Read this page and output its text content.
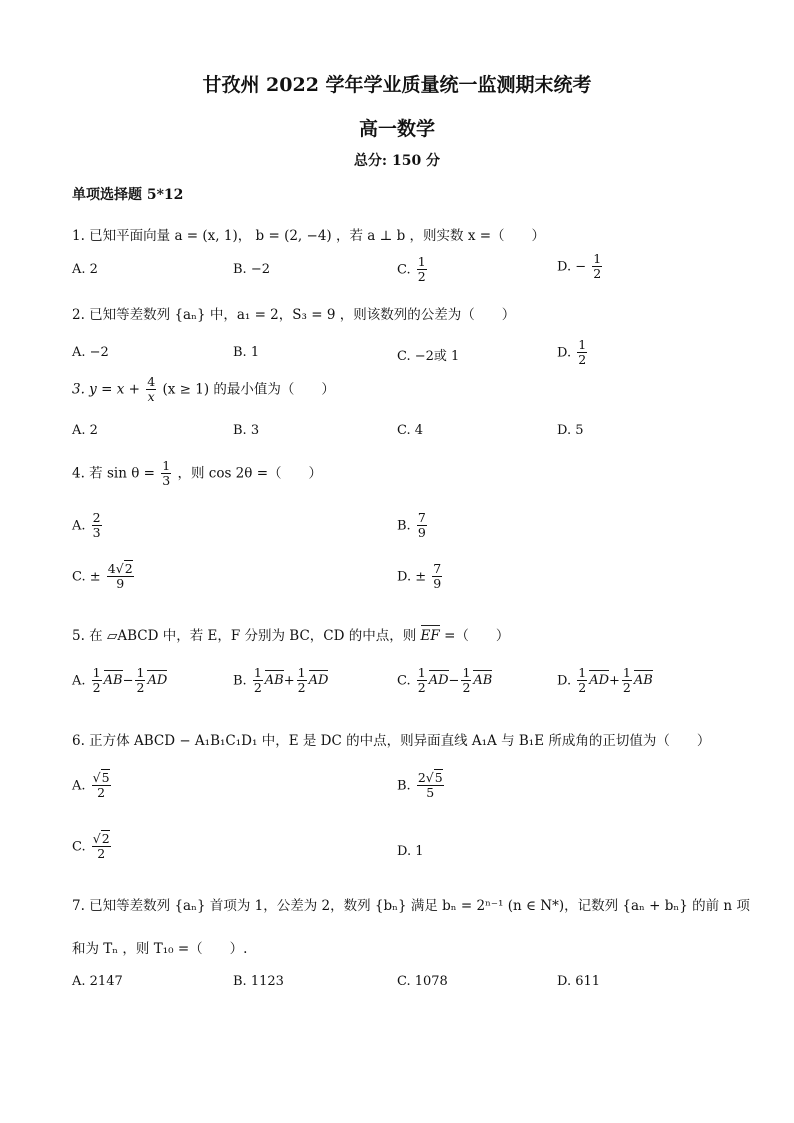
甘孜州 2022 学年学业质量统一监测期末统考
高一数学
总分: 150 分
单项选择题 5*12
1. 已知平面向量 a = (x, 1)， b = (2, −4) ，若 a ⊥ b ，则实数 x =（　　）
A. 2	B. −2	C. $\frac{1}{2}$	D. − $\frac{1}{2}$
2. 已知等差数列 {aₙ} 中，a₁ = 2，S₃ = 9 ，则该数列的公差为（　　）
A. −2	B. 1	C. −2或 1	D. $\frac{1}{2}$
3. $y = x + \frac{4}{x} (x \ge 1)$ 的最小值为（　　）
A. 2	B. 3	C. 4	D. 5
4. 若 $\sin \theta = \frac{1}{3}$ ，则 cos 2θ =（　　）
A. $\frac{2}{3}$	B. $\frac{7}{9}$
C. ± $\frac{4√2}{9}$	D. ± $\frac{7}{9}$
5. 在 ▱ABCD 中，若 E，F 分别为 BC，CD 的中点，则 EF =（　　）
A. $\frac{1}{2} AB- \frac{1}{2}$ AD	B. $\frac{1}{2} AB+ \frac{1}{2}$ AD	C. $\frac{1}{2} AD- \frac{1}{2}$ AB	D. $\frac{1}{2} AD+ \frac{1}{2}$ AB
6. 正方体 ABCD − A₁B₁C₁D₁ 中，E 是 DC 的中点，则异面直线 A₁A 与 B₁E 所成角的正切值为（　　）
A. $\frac{√5}{2}$	B. $\frac{2√5}{5}$
C. $\frac{√2}{2}$	D. 1
7. 已知等差数列 {aₙ} 首项为 1，公差为 2，数列 {bₙ} 满足 bₙ = 2ⁿ⁻¹ (n ∈ N*)，记数列 {aₙ + bₙ} 的前 n 项
和为 Tₙ ，则 T₁₀ =（　　）.
A. 2147	B. 1123	C. 1078	D. 611
